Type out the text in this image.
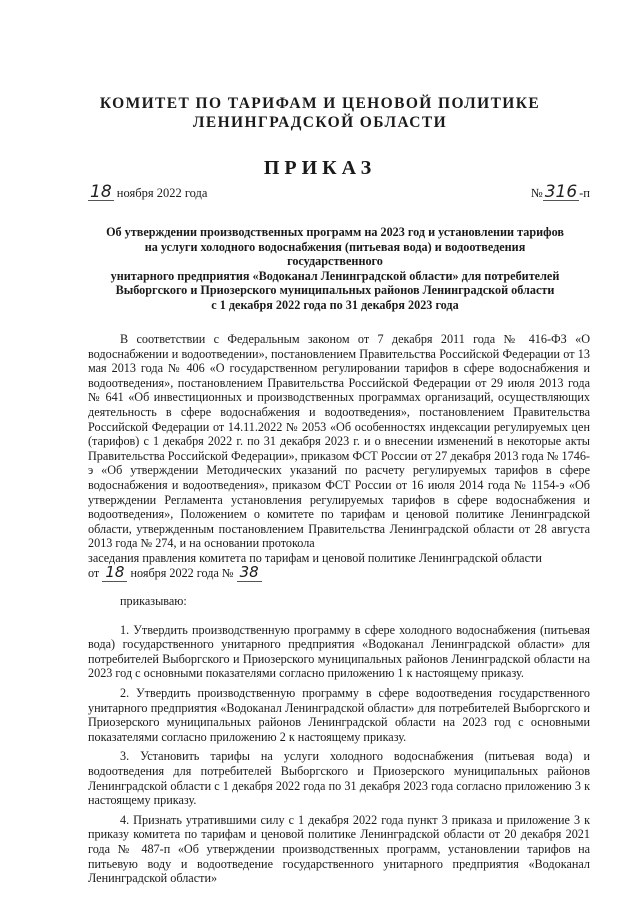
КОМИТЕТ ПО ТАРИФАМ И ЦЕНОВОЙ ПОЛИТИКЕ
ЛЕНИНГРАДСКОЙ ОБЛАСТИ
ПРИКАЗ
18 ноября 2022 года	№ 316 -п
Об утверждении производственных программ на 2023 год и установлении тарифов
на услуги холодного водоснабжения (питьевая вода) и водоотведения государственного
унитарного предприятия «Водоканал Ленинградской области» для потребителей
Выборгского и Приозерского муниципальных районов Ленинградской области
с 1 декабря 2022 года по 31 декабря 2023 года

В соответствии с Федеральным законом от 7 декабря 2011 года № 416-ФЗ «О водоснабжении и водоотведении», постановлением Правительства Российской Федерации от 13 мая 2013 года № 406 «О государственном регулировании тарифов в сфере водоснабжения и водоотведения», постановлением Правительства Российской Федерации от 29 июля 2013 года № 641 «Об инвестиционных и производственных программах организаций, осуществляющих деятельность в сфере водоснабжения и водоотведения», постановлением Правительства Российской Федерации от 14.11.2022 № 2053 «Об особенностях индексации регулируемых цен (тарифов) с 1 декабря 2022 г. по 31 декабря 2023 г. и о внесении изменений в некоторые акты Правительства Российской Федерации», приказом ФСТ России от 27 декабря 2013 года № 1746-э «Об утверждении Методических указаний по расчету регулируемых тарифов в сфере водоснабжения и водоотведения», приказом ФСТ России от 16 июля 2014 года № 1154-э «Об утверждении Регламента установления регулируемых тарифов в сфере водоснабжения и водоотведения», Положением о комитете по тарифам и ценовой политике Ленинградской области, утвержденным постановлением Правительства Ленинградской области от 28 августа 2013 года № 274, и на основании протокола

заседания правления комитета по тарифам и ценовой политике Ленинградской области
от 18 ноября 2022 года № 38

приказываю:

1. Утвердить производственную программу в сфере холодного водоснабжения (питьевая вода) государственного унитарного предприятия «Водоканал Ленинградской области» для потребителей Выборгского и Приозерского муниципальных районов Ленинградской области на 2023 год с основными показателями согласно приложению 1 к настоящему приказу.

2. Утвердить производственную программу в сфере водоотведения государственного унитарного предприятия «Водоканал Ленинградской области» для потребителей Выборгского и Приозерского муниципальных районов Ленинградской области на 2023 год с основными показателями согласно приложению 2 к настоящему приказу.

3. Установить тарифы на услуги холодного водоснабжения (питьевая вода) и водоотведения для потребителей Выборгского и Приозерского муниципальных районов Ленинградской области с 1 декабря 2022 года по 31 декабря 2023 года согласно приложению 3 к настоящему приказу.

4. Признать утратившими силу с 1 декабря 2022 года пункт 3 приказа и приложение 3 к приказу комитета по тарифам и ценовой политике Ленинградской области от 20 декабря 2021 года № 487-п «Об утверждении производственных программ, установлении тарифов на питьевую воду и водоотведение государственного унитарного предприятия «Водоканал Ленинградской области»
